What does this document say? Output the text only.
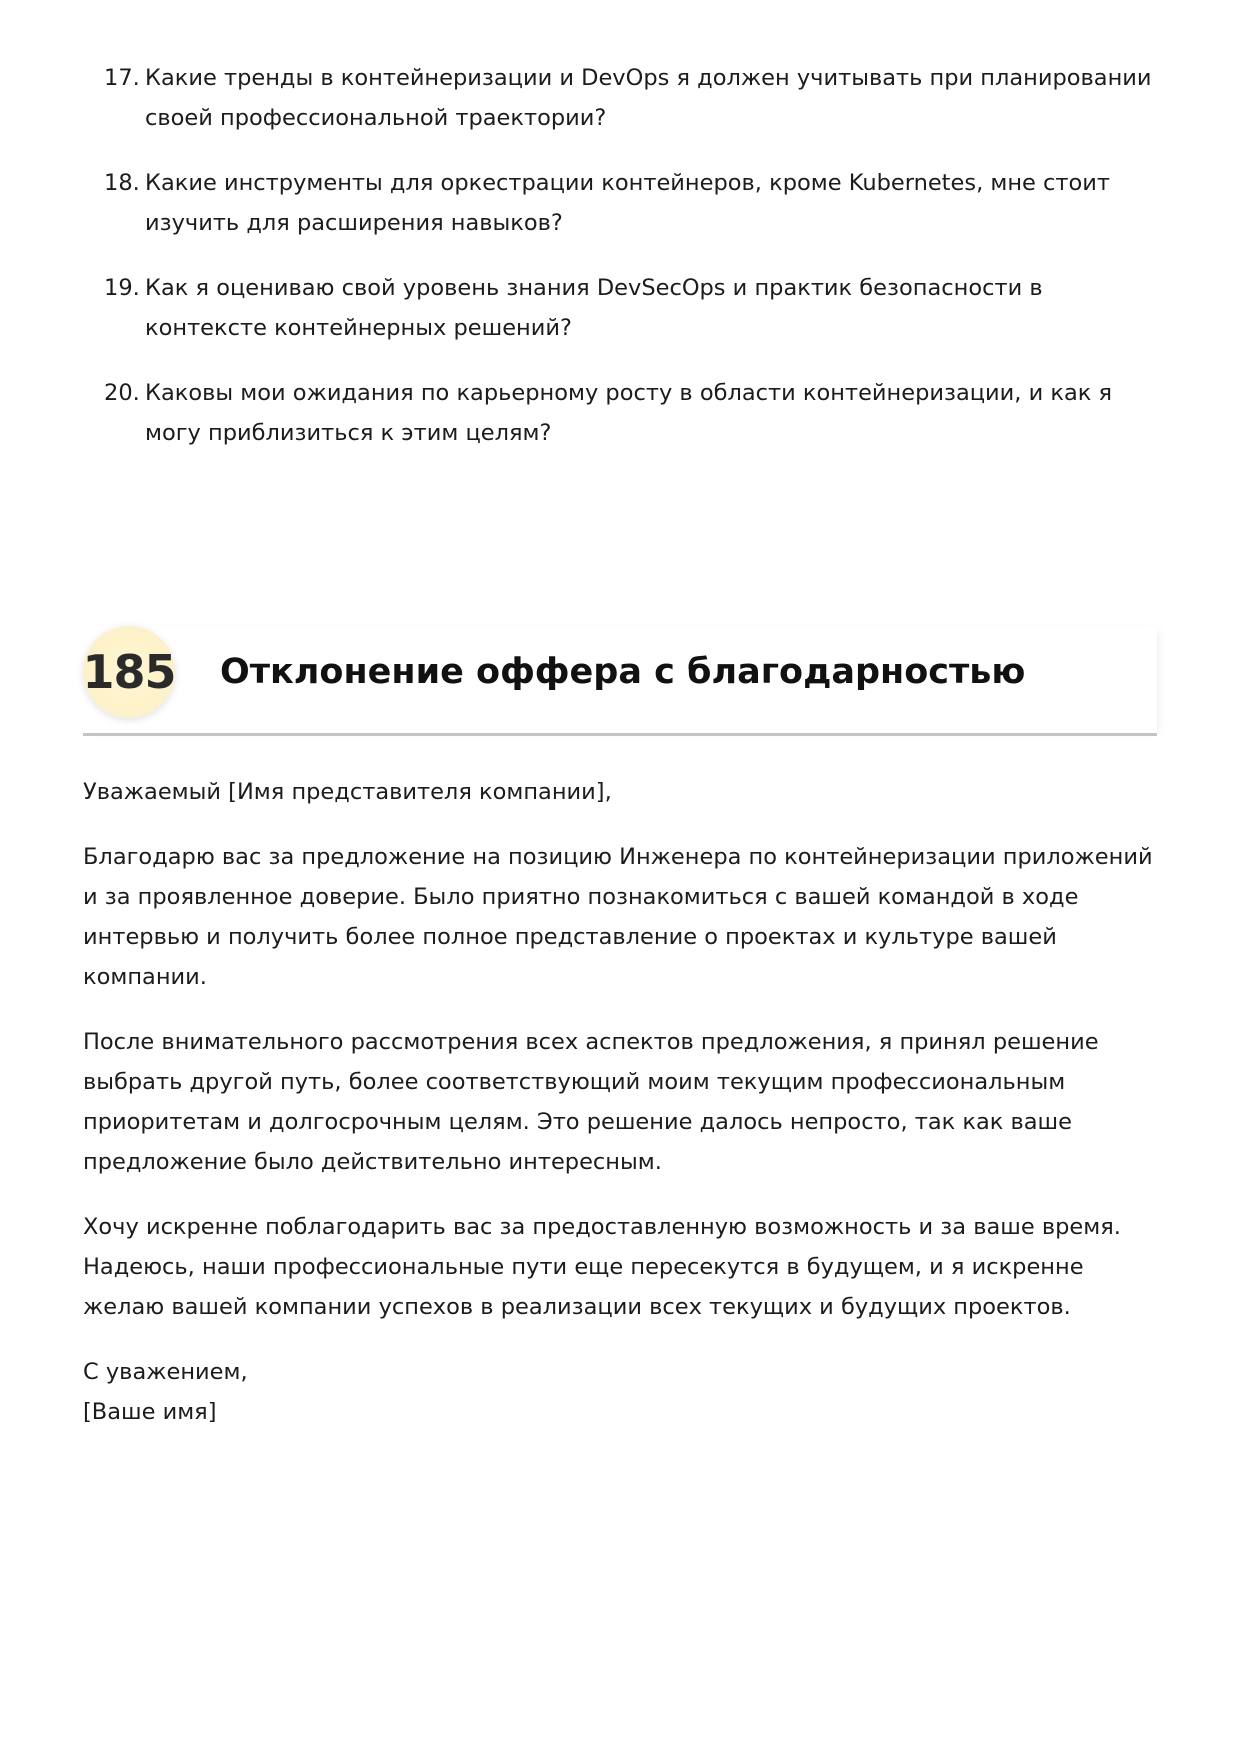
17. Какие тренды в контейнеризации и DevOps я должен учитывать при планировании своей профессиональной траектории?
18. Какие инструменты для оркестрации контейнеров, кроме Kubernetes, мне стоит изучить для расширения навыков?
19. Как я оцениваю свой уровень знания DevSecOps и практик безопасности в контексте контейнерных решений?
20. Каковы мои ожидания по карьерному росту в области контейнеризации, и как я могу приблизиться к этим целям?
185 Отклонение оффера с благодарностью

Уважаемый [Имя представителя компании],

Благодарю вас за предложение на позицию Инженера по контейнеризации приложений и за проявленное доверие. Было приятно познакомиться с вашей командой в ходе интервью и получить более полное представление о проектах и культуре вашей компании.

После внимательного рассмотрения всех аспектов предложения, я принял решение выбрать другой путь, более соответствующий моим текущим профессиональным приоритетам и долгосрочным целям. Это решение далось непросто, так как ваше предложение было действительно интересным.

Хочу искренне поблагодарить вас за предоставленную возможность и за ваше время. Надеюсь, наши профессиональные пути еще пересекутся в будущем, и я искренне желаю вашей компании успехов в реализации всех текущих и будущих проектов.

С уважением,
[Ваше имя]
